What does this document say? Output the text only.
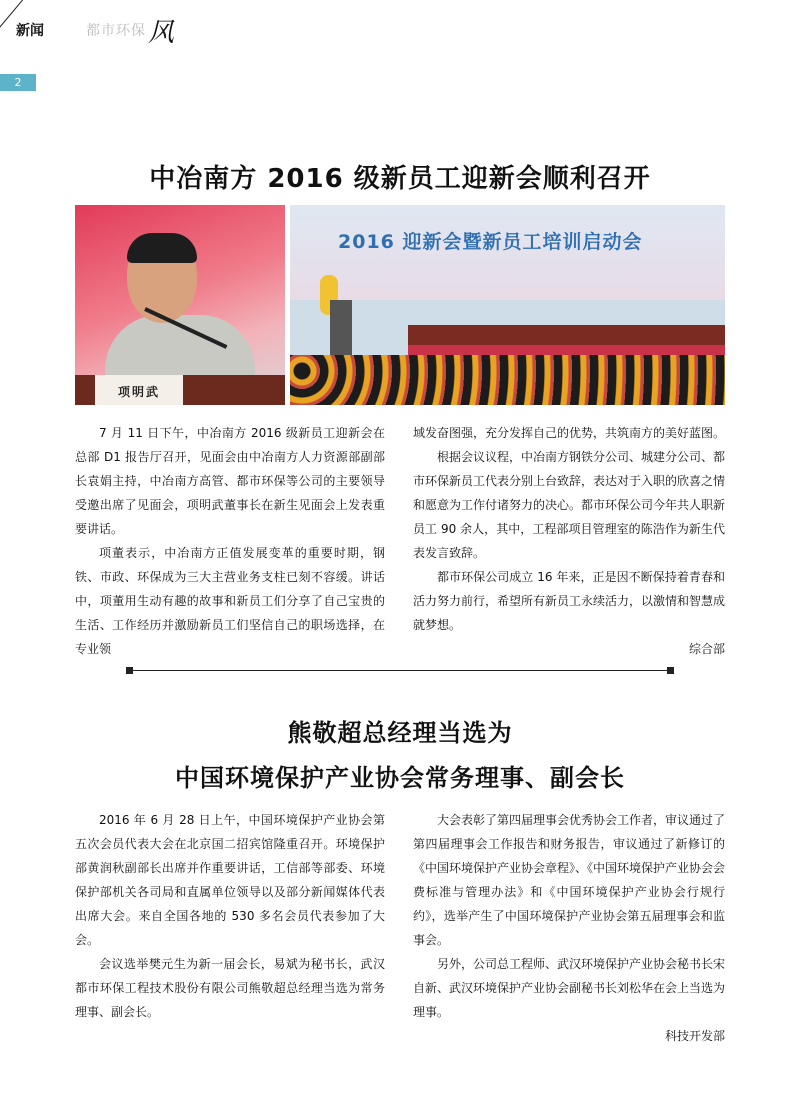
新闻	都市环保 风
2
中冶南方 2016 级新员工迎新会顺利召开
项明武
2016 迎新会暨新员工培训启动会

7 月 11 日下午，中冶南方 2016 级新员工迎新会在总部 D1 报告厅召开，见面会由中冶南方人力资源部副部长袁娟主持，中冶南方高管、都市环保等公司的主要领导受邀出席了见面会，项明武董事长在新生见面会上发表重要讲话。

项董表示，中冶南方正值发展变革的重要时期，钢铁、市政、环保成为三大主营业务支柱已刻不容缓。讲话中，项董用生动有趣的故事和新员工们分享了自己宝贵的生活、工作经历并激励新员工们坚信自己的职场选择，在专业领

域发奋图强，充分发挥自己的优势，共筑南方的美好蓝图。

根据会议议程，中冶南方钢铁分公司、城建分公司、都市环保新员工代表分别上台致辞，表达对于入职的欣喜之情和愿意为工作付诸努力的决心。都市环保公司今年共人职新员工 90 余人，其中，工程部项目管理室的陈浩作为新生代表发言致辞。

都市环保公司成立 16 年来，正是因不断保持着青春和活力努力前行，希望所有新员工永续活力，以激情和智慧成就梦想。

综合部

熊敬超总经理当选为
中国环境保护产业协会常务理事、副会长

2016 年 6 月 28 日上午，中国环境保护产业协会第五次会员代表大会在北京国二招宾馆隆重召开。环境保护部黄润秋副部长出席并作重要讲话，工信部等部委、环境保护部机关各司局和直属单位领导以及部分新闻媒体代表出席大会。来自全国各地的 530 多名会员代表参加了大会。

会议选举樊元生为新一届会长，易斌为秘书长，武汉都市环保工程技术股份有限公司熊敬超总经理当选为常务理事、副会长。

大会表彰了第四届理事会优秀协会工作者，审议通过了第四届理事会工作报告和财务报告，审议通过了新修订的《中国环境保护产业协会章程》、《中国环境保护产业协会会费标准与管理办法》和《中国环境保护产业协会行规行约》，选举产生了中国环境保护产业协会第五届理事会和监事会。

另外，公司总工程师、武汉环境保护产业协会秘书长宋自新、武汉环境保护产业协会副秘书长刘松华在会上当选为理事。

科技开发部
